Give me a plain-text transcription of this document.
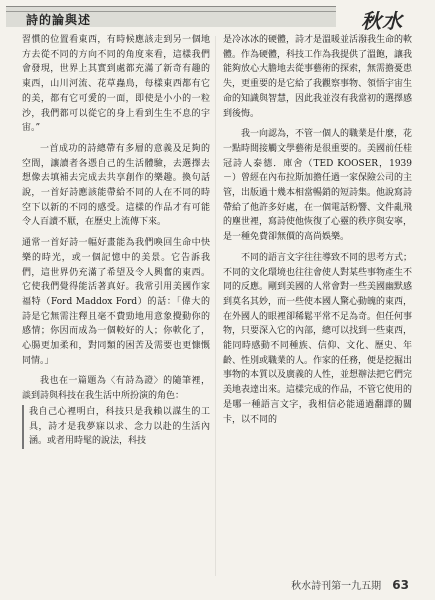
詩的論與述	秋水

習慣的位置看東西，有時候應該走到另一個地方去從不同的方向不同的角度來看，這樣我們會發現，世界上其實到處都充滿了新奇有趣的東西，山川河流、花草蟲鳥，每樣東西都有它的美，都有它可愛的一面，即使是小小的一粒沙，我們都可以從它的身上看到生生不息的宇宙。”

一首成功的詩總帶有多層的意義及足夠的空間，讓讀者各憑自己的生活體驗，去選擇去想像去填補去完成去共享創作的樂趣。換句話說，一首好詩應該能帶給不同的人在不同的時空下以新的不同的感受。這樣的作品才有可能令人百讀不厭，在歷史上流傳下來。

通常一首好詩一幅好畫能為我們喚回生命中快樂的時光，或一個記憶中的美景。它告訴我們，這世界仍充滿了希望及令人興奮的東西。它使我們覺得能活著真好。我常引用美國作家福特（Ford Maddox Ford）的話：「偉大的詩是它無需注釋且毫不費勁地用意象攪動你的感情；你因而成為一個較好的人；你軟化了，心腸更加柔和，對同類的困苦及需要也更慷慨同情。」

我也在一篇題為〈有詩為證〉的隨筆裡，談到詩與科技在我生活中所扮演的角色：

我自己心裡明白，科技只是我賴以謀生的工具，詩才是我夢寐以求、念力以赴的生活內涵。或者用時髦的說法，科技

是冷冰冰的硬體，詩才是溫暖並活潑我生命的軟體。作為硬體，科技工作為我提供了溫飽，讓我能夠放心大膽地去從事藝術的探索，無需擔憂患失，更重要的是它給了我觀察事物、領悟宇宙生命的知識與智慧，因此我並沒有我當初的選擇感到後悔。

我一向認為，不管一個人的職業是什麼，花一點時間接觸文學藝術是很重要的。美國前任桂冠詩人泰德．庫舍（TED KOOSER，1939－）曾經在內布拉斯加擔任過一家保險公司的主管，出版過十幾本相當暢銷的短詩集。他說寫詩帶給了他許多好處，在一個電話粉響、文件亂飛的塵世裡，寫詩使他恢復了心靈的秩序與安寧，是一種免費卻無價的高尚娛樂。

不同的語言文字往往導致不同的思考方式；不同的文化環境也往往會使人對某些事物產生不同的反應。剛到美國的人常會對一些美國幽默感到莫名其妙，而一些使本國人驚心動魄的東西，在外國人的眼裡卻稀鬆平常不足為奇。但任何事物，只要深入它的內部，總可以找到一些東西，能同時感動不同種族、信仰、文化、歷史、年齡、性別或職業的人。作家的任務，便是挖掘出事物的本質以及廣義的人性，並想辦法把它們完美地表達出來。這樣完成的作品，不管它使用的是哪一種語言文字，我相信必能通過翻譯的關卡，以不同的

秋水詩刊第一九五期 63
